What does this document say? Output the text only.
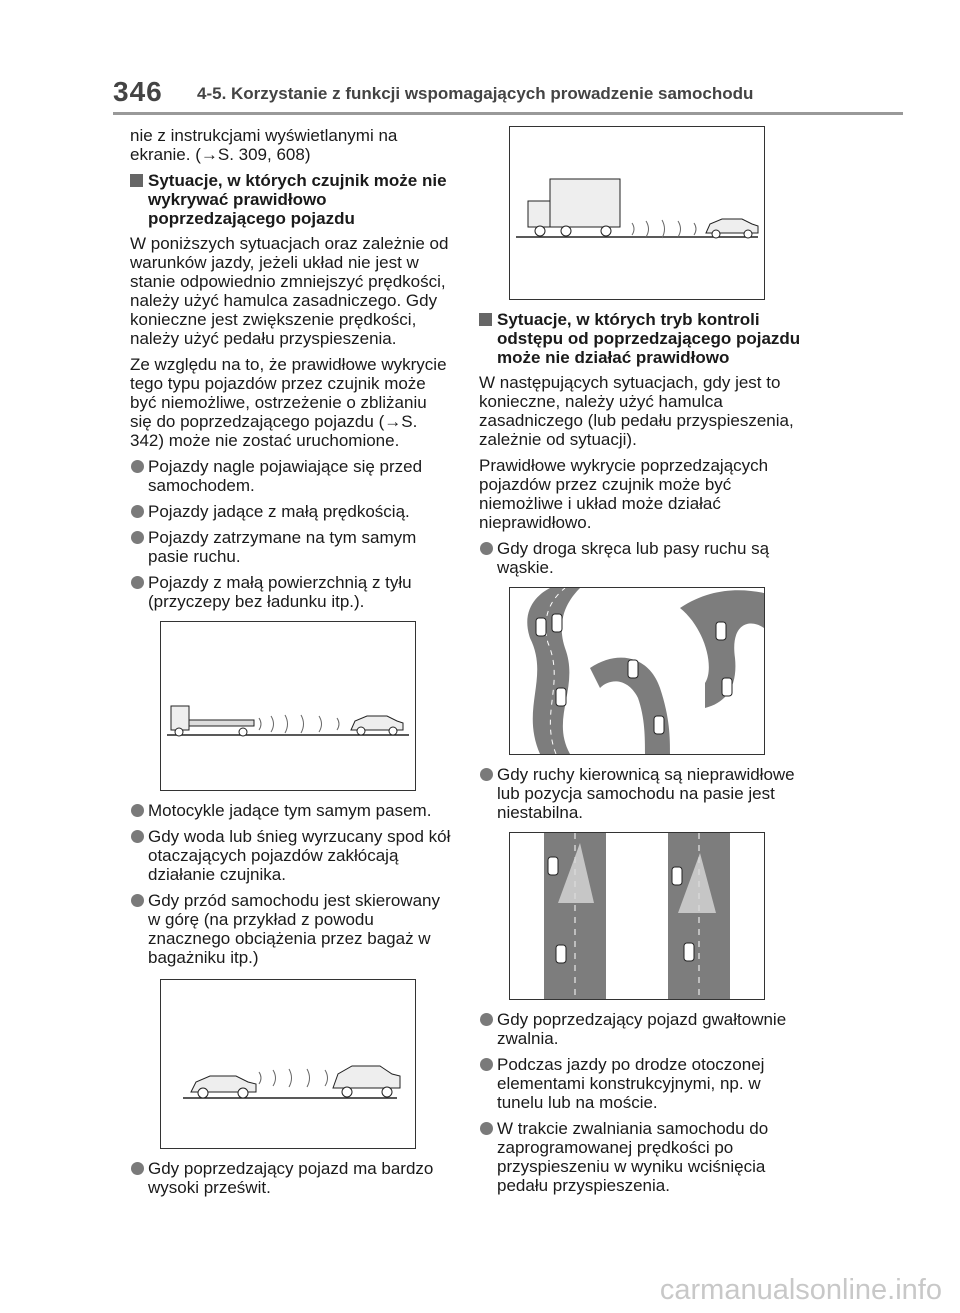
346 4-5. Korzystanie z funkcji wspomagających prowadzenie samochodu

nie z instrukcjami wyświetlanymi na ekranie. (→S. 309, 608)

Sytuacje, w których czujnik może nie wykrywać prawidłowo poprzedzającego pojazdu

W poniższych sytuacjach oraz zależnie od warunków jazdy, jeżeli układ nie jest w stanie odpowiednio zmniejszyć prędkości, należy użyć hamulca zasadniczego. Gdy konieczne jest zwiększenie prędkości, należy użyć pedału przyspieszenia.

Ze względu na to, że prawidłowe wykrycie tego typu pojazdów przez czujnik może być niemożliwe, ostrzeżenie o zbliżaniu się do poprzedzającego pojazdu (→S. 342) może nie zostać uruchomione.

Pojazdy nagle pojawiające się przed samochodem.
Pojazdy jadące z małą prędkością.
Pojazdy zatrzymane na tym samym pasie ruchu.
Pojazdy z małą powierzchnią z tyłu (przyczepy bez ładunku itp.).
Motocykle jadące tym samym pasem.
Gdy woda lub śnieg wyrzucany spod kół otaczających pojazdów zakłócają działanie czujnika.
Gdy przód samochodu jest skierowany w górę (na przykład z powodu znacznego obciążenia przez bagaż w bagażniku itp.)
Gdy poprzedzający pojazd ma bardzo wysoki prześwit.
Sytuacje, w których tryb kontroli odstępu od poprzedzającego pojazdu może nie działać prawidłowo

W następujących sytuacjach, gdy jest to konieczne, należy użyć hamulca zasadniczego (lub pedału przyspieszenia, zależnie od sytuacji).

Prawidłowe wykrycie poprzedzających pojazdów przez czujnik może być niemożliwe i układ może działać nieprawidłowo.

Gdy droga skręca lub pasy ruchu są wąskie.
Gdy ruchy kierownicą są nieprawidłowe lub pozycja samochodu na pasie jest niestabilna.
Gdy poprzedzający pojazd gwałtownie zwalnia.
Podczas jazdy po drodze otoczonej elementami konstrukcyjnymi, np. w tunelu lub na moście.
W trakcie zwalniania samochodu do zaprogramowanej prędkości po przyspieszeniu w wyniku wciśnięcia pedału przyspieszenia.
carmanualsonline.info
